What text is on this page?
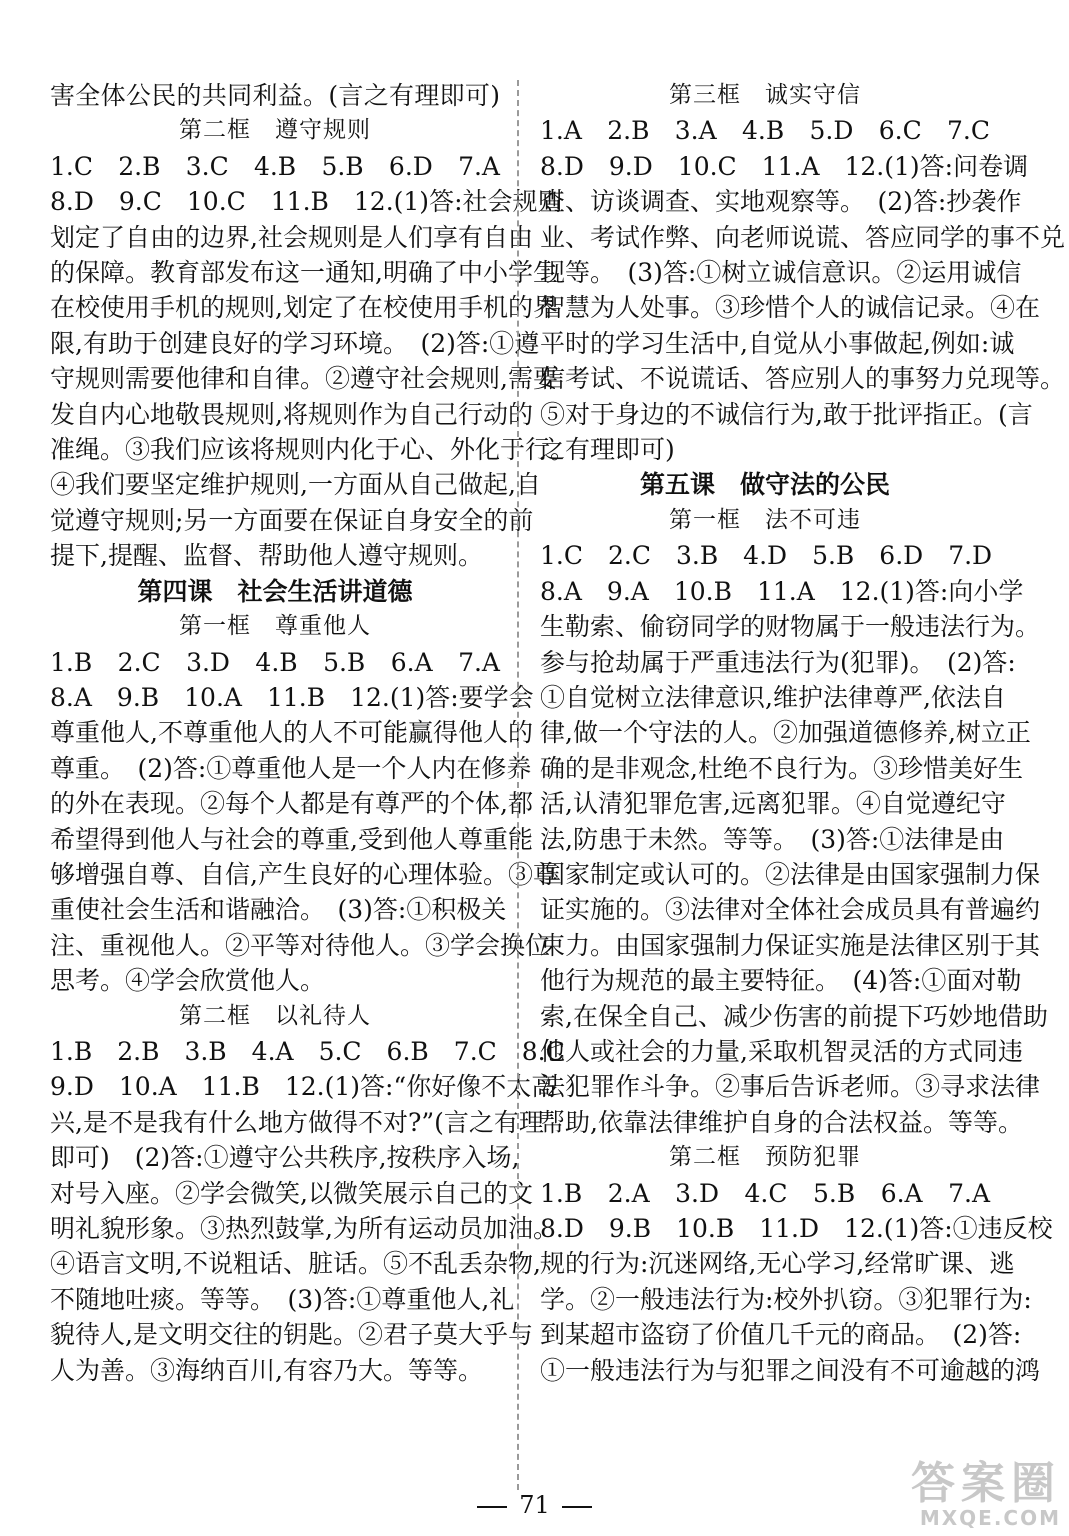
害全体公民的共同利益。(言之有理即可)

第二框　遵守规则

1.C　2.B　3.C　4.B　5.B　6.D　7.A

8.D　9.C　10.C　11.B　12.(1)答:社会规则

划定了自由的边界,社会规则是人们享有自由

的保障。教育部发布这一通知,明确了中小学生

在校使用手机的规则,划定了在校使用手机的界

限,有助于创建良好的学习环境。　(2)答:①遵

守规则需要他律和自律。②遵守社会规则,需要

发自内心地敬畏规则,将规则作为自己行动的

准绳。③我们应该将规则内化于心、外化于行。

④我们要坚定维护规则,一方面从自己做起,自

觉遵守规则;另一方面要在保证自身安全的前

提下,提醒、监督、帮助他人遵守规则。

第四课　社会生活讲道德

第一框　尊重他人

1.B　2.C　3.D　4.B　5.B　6.A　7.A

8.A　9.B　10.A　11.B　12.(1)答:要学会

尊重他人,不尊重他人的人不可能赢得他人的

尊重。　(2)答:①尊重他人是一个人内在修养

的外在表现。②每个人都是有尊严的个体,都

希望得到他人与社会的尊重,受到他人尊重能

够增强自尊、自信,产生良好的心理体验。③尊

重使社会生活和谐融洽。　(3)答:①积极关

注、重视他人。②平等对待他人。③学会换位

思考。④学会欣赏他人。

第二框　以礼待人

1.B　2.B　3.B　4.A　5.C　6.B　7.C　8.C

9.D　10.A　11.B　12.(1)答:“你好像不太高

兴,是不是我有什么地方做得不对?”(言之有理

即可)　(2)答:①遵守公共秩序,按秩序入场,

对号入座。②学会微笑,以微笑展示自己的文

明礼貌形象。③热烈鼓掌,为所有运动员加油。

④语言文明,不说粗话、脏话。⑤不乱丢杂物,

不随地吐痰。等等。　(3)答:①尊重他人,礼

貌待人,是文明交往的钥匙。②君子莫大乎与

人为善。③海纳百川,有容乃大。等等。

第三框　诚实守信

1.A　2.B　3.A　4.B　5.D　6.C　7.C

8.D　9.D　10.C　11.A　12.(1)答:问卷调

查、访谈调查、实地观察等。　(2)答:抄袭作

业、考试作弊、向老师说谎、答应同学的事不兑

现等。　(3)答:①树立诚信意识。②运用诚信

智慧为人处事。③珍惜个人的诚信记录。④在

平时的学习生活中,自觉从小事做起,例如:诚

信考试、不说谎话、答应别人的事努力兑现等。

⑤对于身边的不诚信行为,敢于批评指正。(言

之有理即可)

第五课　做守法的公民

第一框　法不可违

1.C　2.C　3.B　4.D　5.B　6.D　7.D

8.A　9.A　10.B　11.A　12.(1)答:向小学

生勒索、偷窃同学的财物属于一般违法行为。

参与抢劫属于严重违法行为(犯罪)。　(2)答:

①自觉树立法律意识,维护法律尊严,依法自

律,做一个守法的人。②加强道德修养,树立正

确的是非观念,杜绝不良行为。③珍惜美好生

活,认清犯罪危害,远离犯罪。④自觉遵纪守

法,防患于未然。等等。　(3)答:①法律是由

国家制定或认可的。②法律是由国家强制力保

证实施的。③法律对全体社会成员具有普遍约

束力。由国家强制力保证实施是法律区别于其

他行为规范的最主要特征。　(4)答:①面对勒

索,在保全自己、减少伤害的前提下巧妙地借助

他人或社会的力量,采取机智灵活的方式同违

法犯罪作斗争。②事后告诉老师。③寻求法律

帮助,依靠法律维护自身的合法权益。等等。

第二框　预防犯罪

1.B　2.A　3.D　4.C　5.B　6.A　7.A

8.D　9.B　10.B　11.D　12.(1)答:①违反校

规的行为:沉迷网络,无心学习,经常旷课、逃

学。②一般违法行为:校外扒窃。③犯罪行为:

到某超市盗窃了价值几千元的商品。　(2)答:

①一般违法行为与犯罪之间没有不可逾越的鸿

71	答案圈
MXQE.COM
